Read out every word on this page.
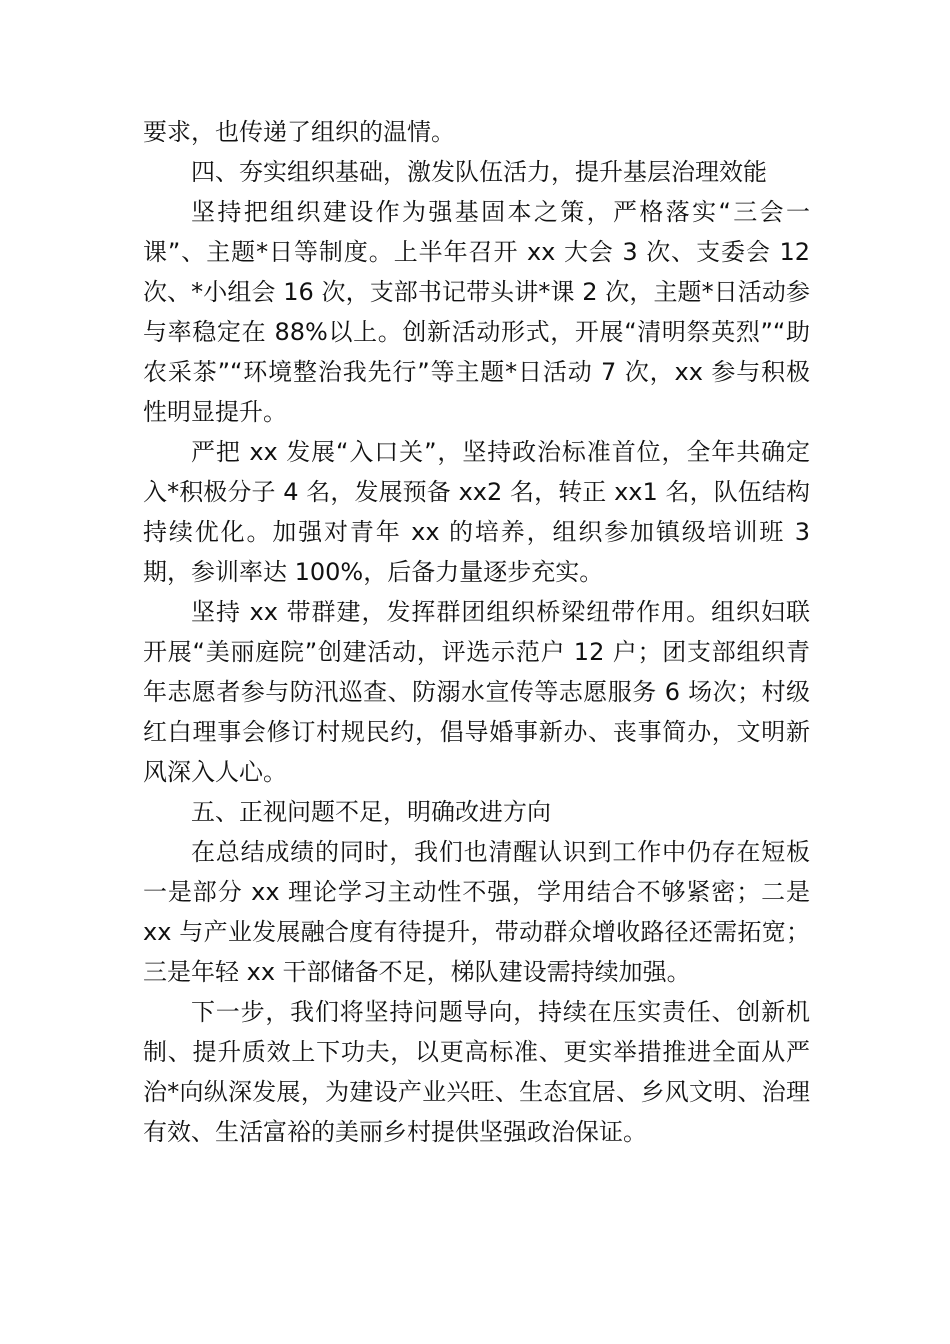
要求，也传递了组织的温情。

四、夯实组织基础，激发队伍活力，提升基层治理效能

坚持把组织建设作为强基固本之策，严格落实“三会一课”、主题*日等制度。上半年召开 xx 大会 3 次、支委会 12 次、*小组会 16 次，支部书记带头讲*课 2 次，主题*日活动参与率稳定在 88%以上。创新活动形式，开展“清明祭英烈”“助农采茶”“环境整治我先行”等主题*日活动 7 次，xx 参与积极性明显提升。

严把 xx 发展“入口关”，坚持政治标准首位，全年共确定入*积极分子 4 名，发展预备 xx2 名，转正 xx1 名，队伍结构持续优化。加强对青年 xx 的培养，组织参加镇级培训班 3 期，参训率达 100%，后备力量逐步充实。

坚持 xx 带群建，发挥群团组织桥梁纽带作用。组织妇联开展“美丽庭院”创建活动，评选示范户 12 户；团支部组织青年志愿者参与防汛巡查、防溺水宣传等志愿服务 6 场次；村级红白理事会修订村规民约，倡导婚事新办、丧事简办，文明新风深入人心。

五、正视问题不足，明确改进方向

在总结成绩的同时，我们也清醒认识到工作中仍存在短板一是部分 xx 理论学习主动性不强，学用结合不够紧密；二是 xx 与产业发展融合度有待提升，带动群众增收路径还需拓宽；三是年轻 xx 干部储备不足，梯队建设需持续加强。

下一步，我们将坚持问题导向，持续在压实责任、创新机制、提升质效上下功夫，以更高标准、更实举措推进全面从严治*向纵深发展，为建设产业兴旺、生态宜居、乡风文明、治理有效、生活富裕的美丽乡村提供坚强政治保证。
